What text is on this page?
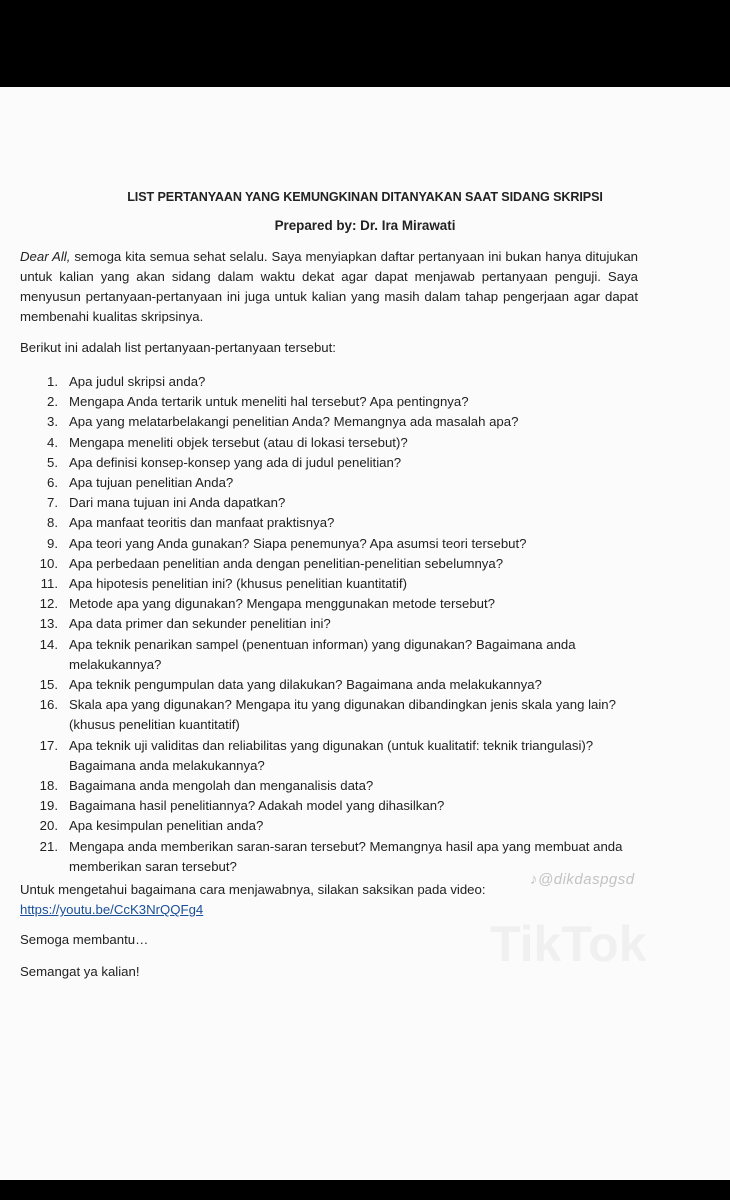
LIST PERTANYAAN YANG KEMUNGKINAN DITANYAKAN SAAT SIDANG SKRIPSI
Prepared by: Dr. Ira Mirawati
Dear All, semoga kita semua sehat selalu. Saya menyiapkan daftar pertanyaan ini bukan hanya ditujukan untuk kalian yang akan sidang dalam waktu dekat agar dapat menjawab pertanyaan penguji. Saya menyusun pertanyaan-pertanyaan ini juga untuk kalian yang masih dalam tahap pengerjaan agar dapat membenahi kualitas skripsinya.
Berikut ini adalah list pertanyaan-pertanyaan tersebut:
1. Apa judul skripsi anda?
2. Mengapa Anda tertarik untuk meneliti hal tersebut? Apa pentingnya?
3. Apa yang melatarbelakangi penelitian Anda? Memangnya ada masalah apa?
4. Mengapa meneliti objek tersebut (atau di lokasi tersebut)?
5. Apa definisi konsep-konsep yang ada di judul penelitian?
6. Apa tujuan penelitian Anda?
7. Dari mana tujuan ini Anda dapatkan?
8. Apa manfaat teoritis dan manfaat praktisnya?
9. Apa teori yang Anda gunakan? Siapa penemunya? Apa asumsi teori tersebut?
10. Apa perbedaan penelitian anda dengan penelitian-penelitian sebelumnya?
11. Apa hipotesis penelitian ini? (khusus penelitian kuantitatif)
12. Metode apa yang digunakan? Mengapa menggunakan metode tersebut?
13. Apa data primer dan sekunder penelitian ini?
14. Apa teknik penarikan sampel (penentuan informan) yang digunakan? Bagaimana anda melakukannya?
15. Apa teknik pengumpulan data yang dilakukan? Bagaimana anda melakukannya?
16. Skala apa yang digunakan? Mengapa itu yang digunakan dibandingkan jenis skala yang lain? (khusus penelitian kuantitatif)
17. Apa teknik uji validitas dan reliabilitas yang digunakan (untuk kualitatif: teknik triangulasi)? Bagaimana anda melakukannya?
18. Bagaimana anda mengolah dan menganalisis data?
19. Bagaimana hasil penelitiannya? Adakah model yang dihasilkan?
20. Apa kesimpulan penelitian anda?
21. Mengapa anda memberikan saran-saran tersebut? Memangnya hasil apa yang membuat anda memberikan saran tersebut?
Untuk mengetahui bagaimana cara menjawabnya, silakan saksikan pada video:
https://youtu.be/CcK3NrQQFg4
Semoga membantu…
Semangat ya kalian!
♪@dikdaspgsd
TikTok
